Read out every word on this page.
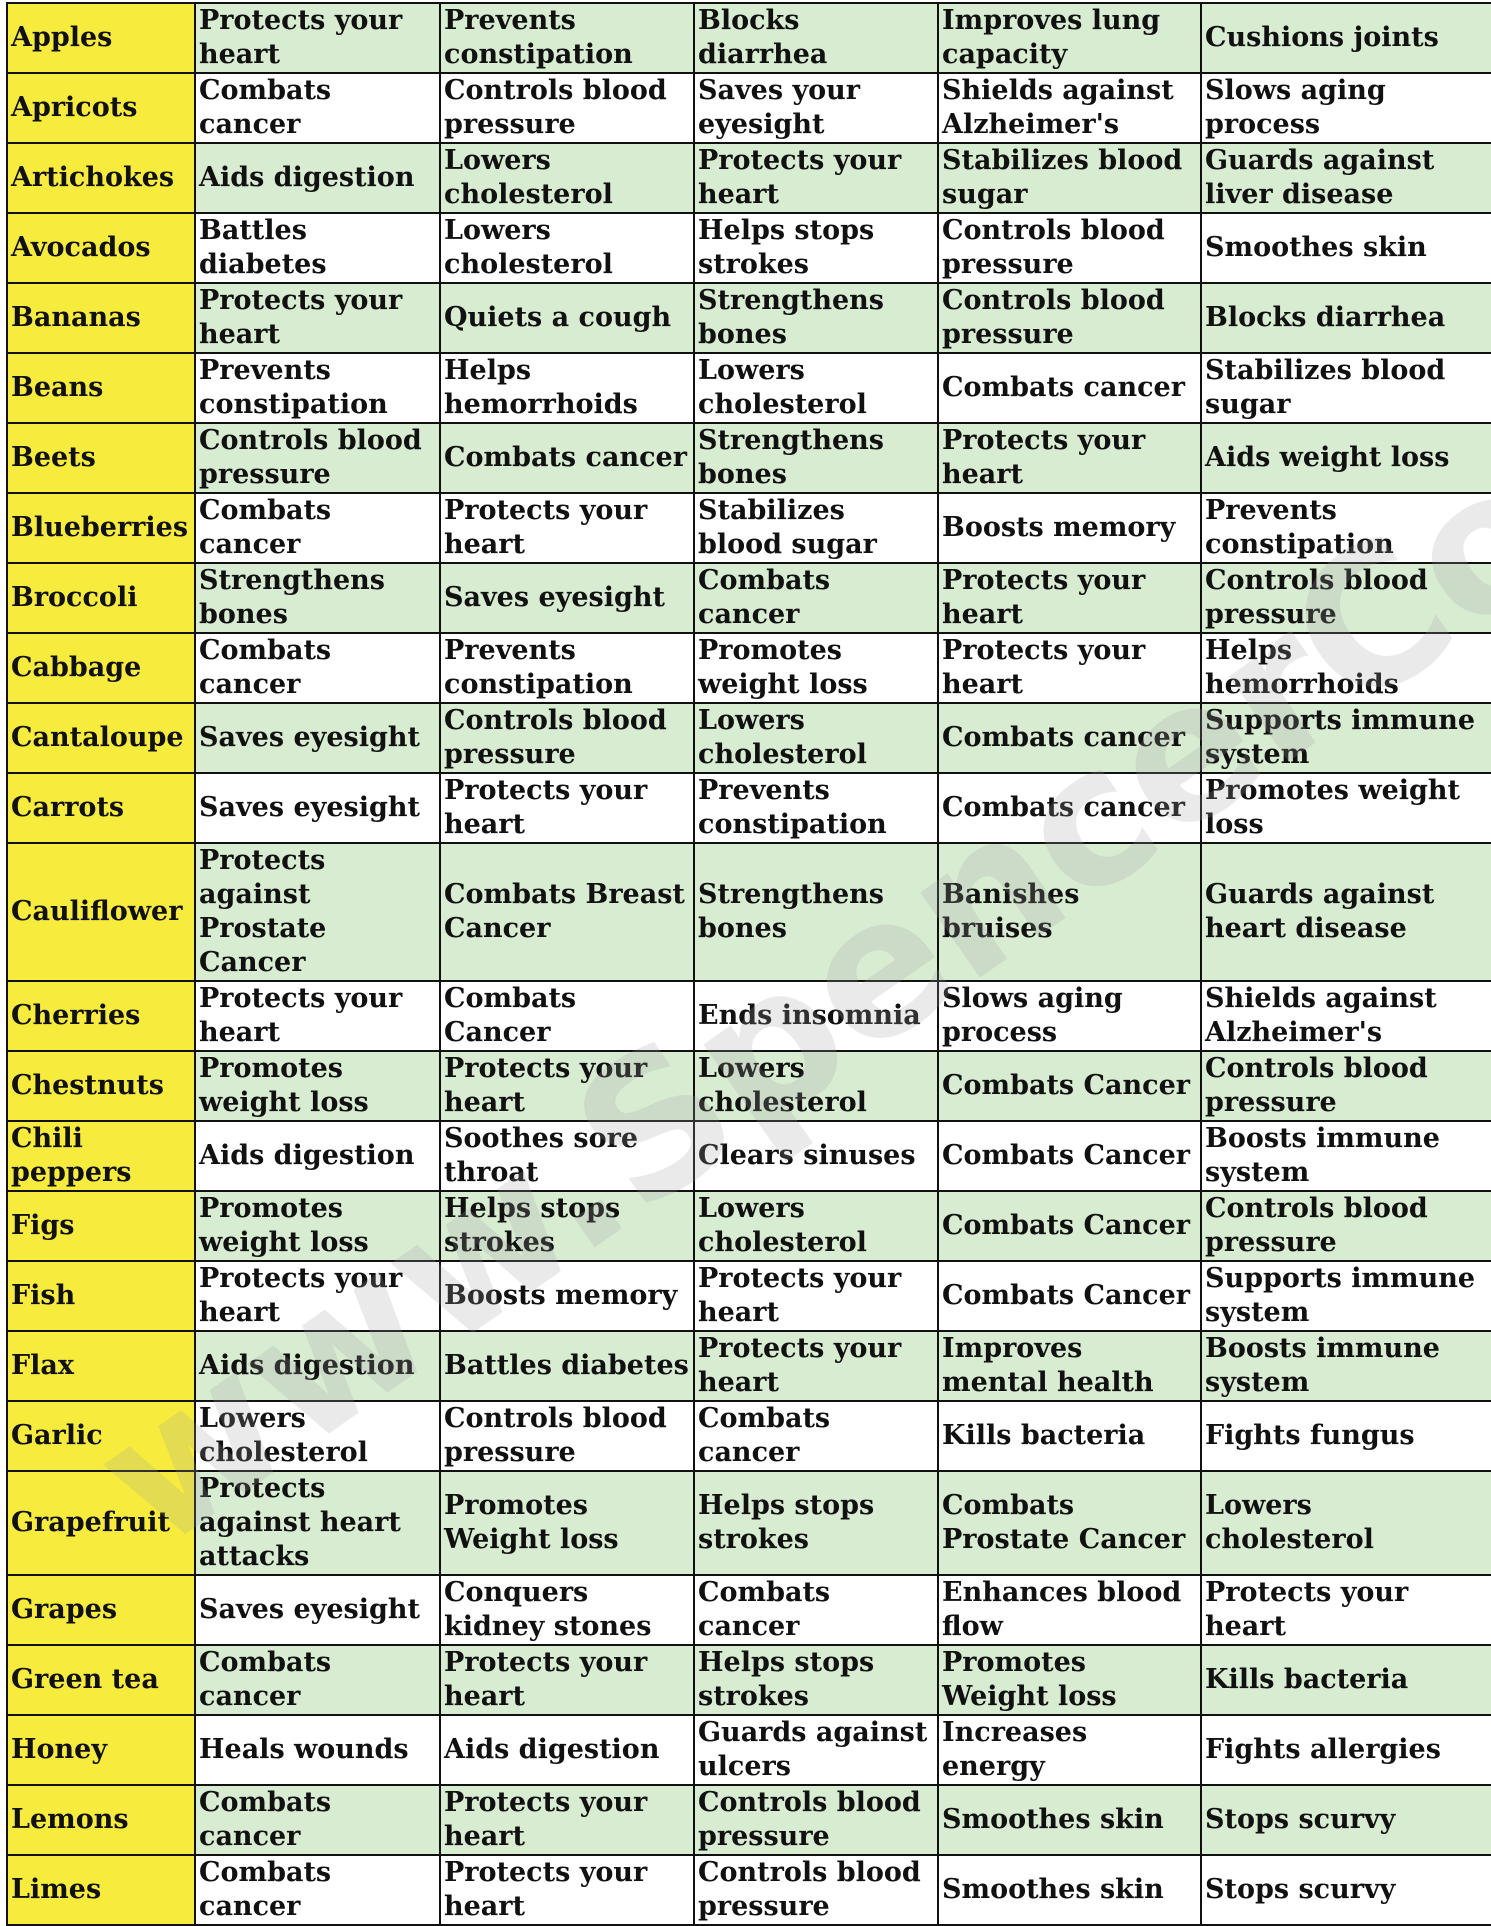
Apples	Protects your heart	Prevents constipation	Blocks diarrhea	Improves lung capacity	Cushions joints
Apricots	Combats cancer	Controls blood pressure	Saves your eyesight	Shields against Alzheimer's	Slows aging process
Artichokes	Aids digestion	Lowers cholesterol	Protects your heart	Stabilizes blood sugar	Guards against liver disease
Avocados	Battles diabetes	Lowers cholesterol	Helps stops strokes	Controls blood pressure	Smoothes skin
Bananas	Protects your heart	Quiets a cough	Strengthens bones	Controls blood pressure	Blocks diarrhea
Beans	Prevents constipation	Helps hemorrhoids	Lowers cholesterol	Combats cancer	Stabilizes blood sugar
Beets	Controls blood pressure	Combats cancer	Strengthens bones	Protects your heart	Aids weight loss
Blueberries	Combats cancer	Protects your heart	Stabilizes blood sugar	Boosts memory	Prevents constipation
Broccoli	Strengthens bones	Saves eyesight	Combats cancer	Protects your heart	Controls blood pressure
Cabbage	Combats cancer	Prevents constipation	Promotes weight loss	Protects your heart	Helps hemorrhoids
Cantaloupe	Saves eyesight	Controls blood pressure	Lowers cholesterol	Combats cancer	Supports immune system
Carrots	Saves eyesight	Protects your heart	Prevents constipation	Combats cancer	Promotes weight loss
Cauliflower	Protects against Prostate Cancer	Combats Breast Cancer	Strengthens bones	Banishes bruises	Guards against heart disease
Cherries	Protects your heart	Combats Cancer	Ends insomnia	Slows aging process	Shields against Alzheimer's
Chestnuts	Promotes weight loss	Protects your heart	Lowers cholesterol	Combats Cancer	Controls blood pressure
Chili peppers	Aids digestion	Soothes sore throat	Clears sinuses	Combats Cancer	Boosts immune system
Figs	Promotes weight loss	Helps stops strokes	Lowers cholesterol	Combats Cancer	Controls blood pressure
Fish	Protects your heart	Boosts memory	Protects your heart	Combats Cancer	Supports immune system
Flax	Aids digestion	Battles diabetes	Protects your heart	Improves mental health	Boosts immune system
Garlic	Lowers cholesterol	Controls blood pressure	Combats cancer	Kills bacteria	Fights fungus
Grapefruit	Protects against heart attacks	Promotes Weight loss	Helps stops strokes	Combats Prostate Cancer	Lowers cholesterol
Grapes	Saves eyesight	Conquers kidney stones	Combats cancer	Enhances blood flow	Protects your heart
Green tea	Combats cancer	Protects your heart	Helps stops strokes	Promotes Weight loss	Kills bacteria
Honey	Heals wounds	Aids digestion	Guards against ulcers	Increases energy	Fights allergies
Lemons	Combats cancer	Protects your heart	Controls blood pressure	Smoothes skin	Stops scurvy
Limes	Combats cancer	Protects your heart	Controls blood pressure	Smoothes skin	Stops scurvy
